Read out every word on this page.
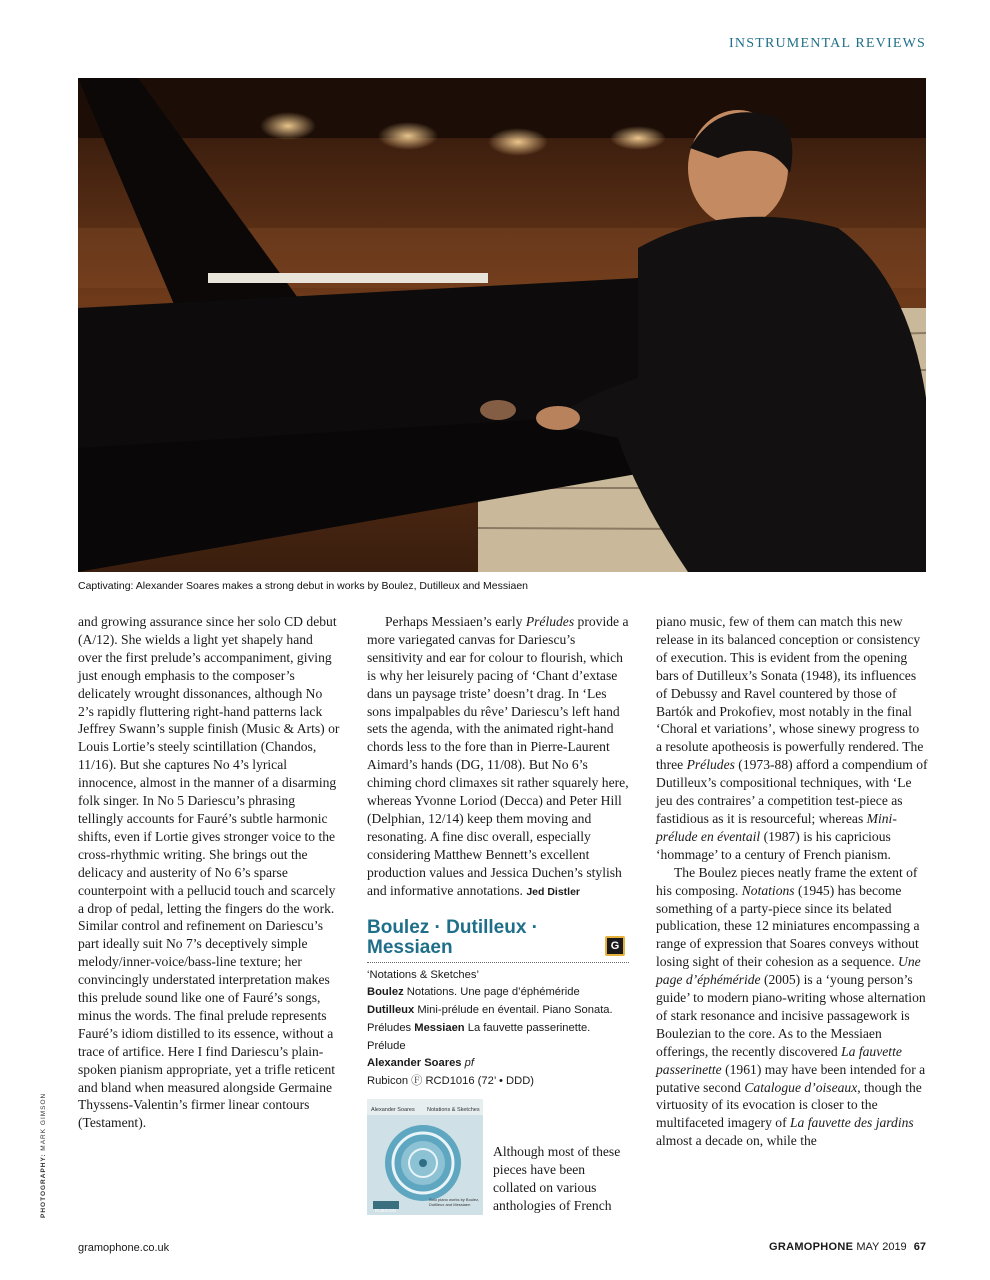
INSTRUMENTAL REVIEWS
Captivating: Alexander Soares makes a strong debut in works by Boulez, Dutilleux and Messiaen

and growing assurance since her solo CD debut (A/12). She wields a light yet shapely hand over the first prelude’s accompaniment, giving just enough emphasis to the composer’s delicately wrought dissonances, although No 2’s rapidly fluttering right-hand patterns lack Jeffrey Swann’s supple finish (Music & Arts) or Louis Lortie’s steely scintillation (Chandos, 11/16). But she captures No 4’s lyrical innocence, almost in the manner of a disarming folk singer. In No 5 Dariescu’s phrasing tellingly accounts for Fauré’s subtle harmonic shifts, even if Lortie gives stronger voice to the cross-rhythmic writing. She brings out the delicacy and austerity of No 6’s sparse counterpoint with a pellucid touch and scarcely a drop of pedal, letting the fingers do the work. Similar control and refinement on Dariescu’s part ideally suit No 7’s deceptively simple melody/inner-voice/bass-line texture; her convincingly understated interpretation makes this prelude sound like one of Fauré’s songs, minus the words. The final prelude represents Fauré’s idiom distilled to its essence, without a trace of artifice. Here I find Dariescu’s plain-spoken pianism appropriate, yet a trifle reticent and bland when measured alongside Germaine Thyssens-Valentin’s firmer linear contours (Testament).

Perhaps Messiaen’s early Préludes provide a more variegated canvas for Dariescu’s sensitivity and ear for colour to flourish, which is why her leisurely pacing of ‘Chant d’extase dans un paysage triste’ doesn’t drag. In ‘Les sons impalpables du rêve’ Dariescu’s left hand sets the agenda, with the animated right-hand chords less to the fore than in Pierre-Laurent Aimard’s hands (DG, 11/08). But No 6’s chiming chord climaxes sit rather squarely here, whereas Yvonne Loriod (Decca) and Peter Hill (Delphian, 12/14) keep them moving and resonating. A fine disc overall, especially considering Matthew Bennett’s excellent production values and Jessica Duchen’s stylish and informative annotations. Jed Distler

Boulez · Dutilleux ·
Messiaen	G
‘Notations & Sketches’
Boulez Notations. Une page d’éphéméride Dutilleux Mini-prélude en éventail. Piano Sonata. Préludes Messiaen La fauvette passerinette. Prélude
Alexander Soares pf
Rubicon Ⓕ RCD1016 (72’ • DDD)
Alexander Soares Notations & Sketches
RUBICON
Solo piano works by Boulez, Dutilleux and Messiaen
Although most of these pieces have been collated on various anthologies of French

piano music, few of them can match this new release in its balanced conception or consistency of execution. This is evident from the opening bars of Dutilleux’s Sonata (1948), its influences of Debussy and Ravel countered by those of Bartók and Prokofiev, most notably in the final ‘Choral et variations’, whose sinewy progress to a resolute apotheosis is powerfully rendered. The three Préludes (1973-88) afford a compendium of Dutilleux’s compositional techniques, with ‘Le jeu des contraires’ a competition test-piece as fastidious as it is resourceful; whereas Mini-prélude en éventail (1987) is his capricious ‘hommage’ to a century of French pianism.

The Boulez pieces neatly frame the extent of his composing. Notations (1945) has become something of a party-piece since its belated publication, these 12 miniatures encompassing a range of expression that Soares conveys without losing sight of their cohesion as a sequence. Une page d’éphéméride (2005) is a ‘young person’s guide’ to modern piano-writing whose alternation of stark resonance and incisive passagework is Boulezian to the core. As to the Messiaen offerings, the recently discovered La fauvette passerinette (1961) may have been intended for a putative second Catalogue d’oiseaux, though the virtuosity of its evocation is closer to the multifaceted imagery of La fauvette des jardins almost a decade on, while the

PHOTOGRAPHY: MARK GIMSON
gramophone.co.uk	GRAMOPHONE MAY 2019 67
